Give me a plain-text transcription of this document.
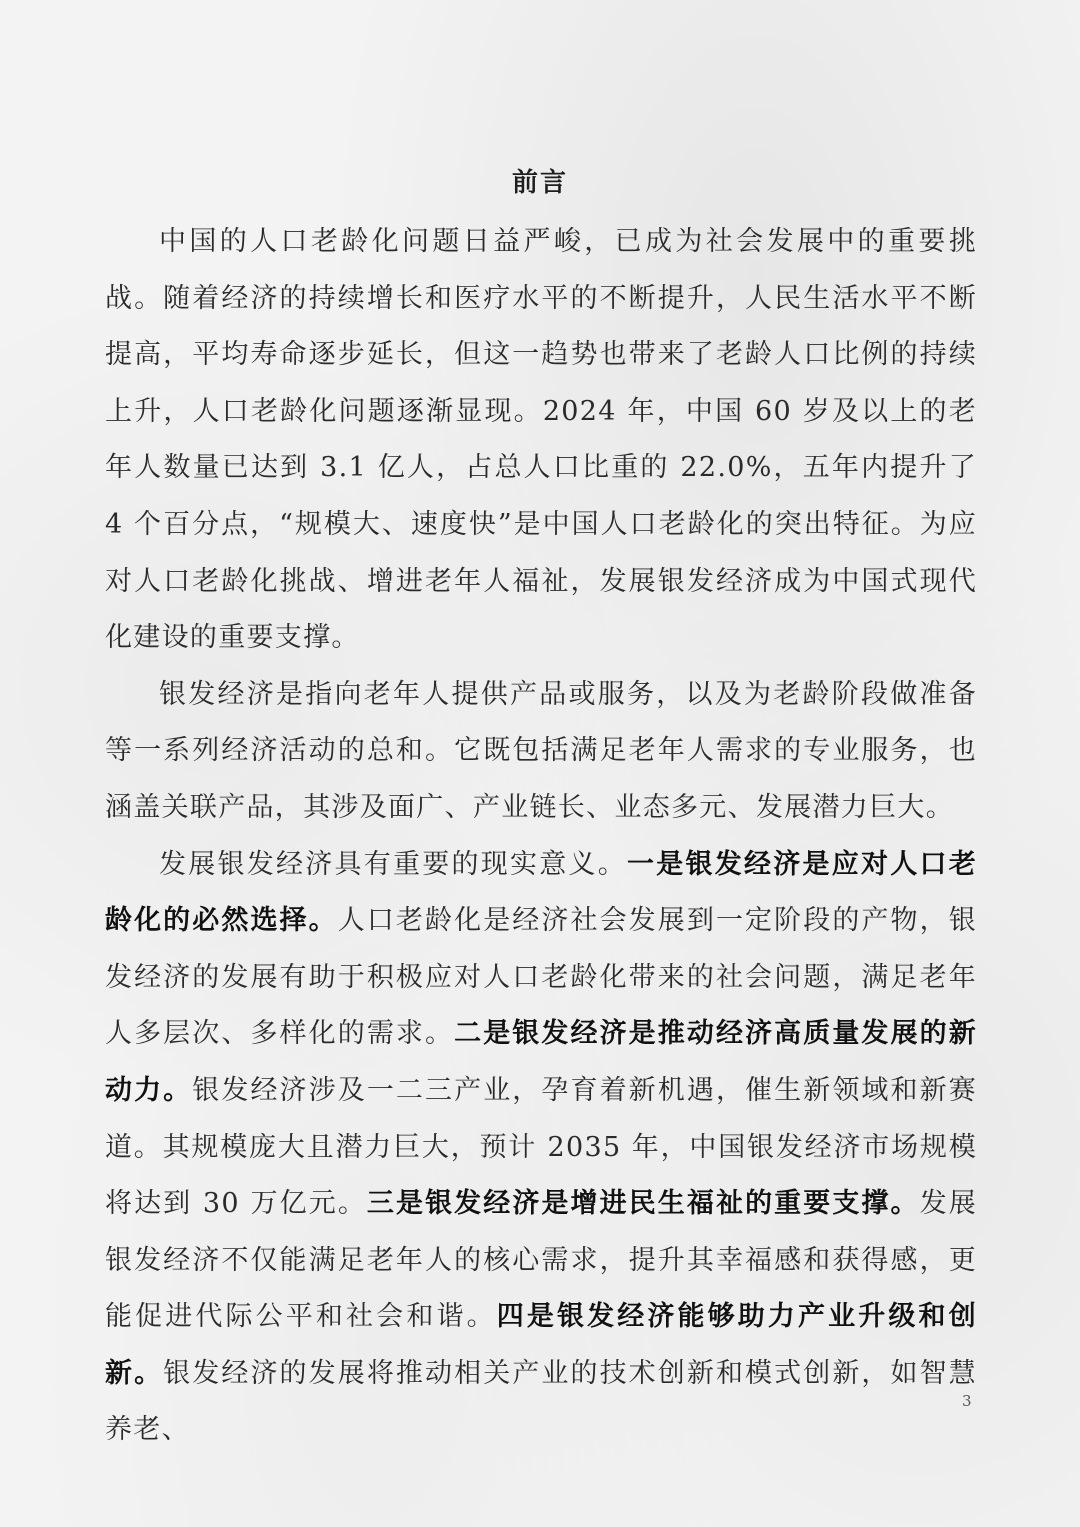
前言

中国的人口老龄化问题日益严峻，已成为社会发展中的重要挑战。随着经济的持续增长和医疗水平的不断提升，人民生活水平不断提高，平均寿命逐步延长，但这一趋势也带来了老龄人口比例的持续上升，人口老龄化问题逐渐显现。2024 年，中国 60 岁及以上的老年人数量已达到 3.1 亿人，占总人口比重的 22.0%，五年内提升了 4 个百分点，“规模大、速度快”是中国人口老龄化的突出特征。为应对人口老龄化挑战、增进老年人福祉，发展银发经济成为中国式现代化建设的重要支撑。

银发经济是指向老年人提供产品或服务，以及为老龄阶段做准备等一系列经济活动的总和。它既包括满足老年人需求的专业服务，也涵盖关联产品，其涉及面广、产业链长、业态多元、发展潜力巨大。

发展银发经济具有重要的现实意义。一是银发经济是应对人口老龄化的必然选择。人口老龄化是经济社会发展到一定阶段的产物，银发经济的发展有助于积极应对人口老龄化带来的社会问题，满足老年人多层次、多样化的需求。二是银发经济是推动经济高质量发展的新动力。银发经济涉及一二三产业，孕育着新机遇，催生新领域和新赛道。其规模庞大且潜力巨大，预计 2035 年，中国银发经济市场规模将达到 30 万亿元。三是银发经济是增进民生福祉的重要支撑。发展银发经济不仅能满足老年人的核心需求，提升其幸福感和获得感，更能促进代际公平和社会和谐。四是银发经济能够助力产业升级和创新。银发经济的发展将推动相关产业的技术创新和模式创新，如智慧养老、

3
